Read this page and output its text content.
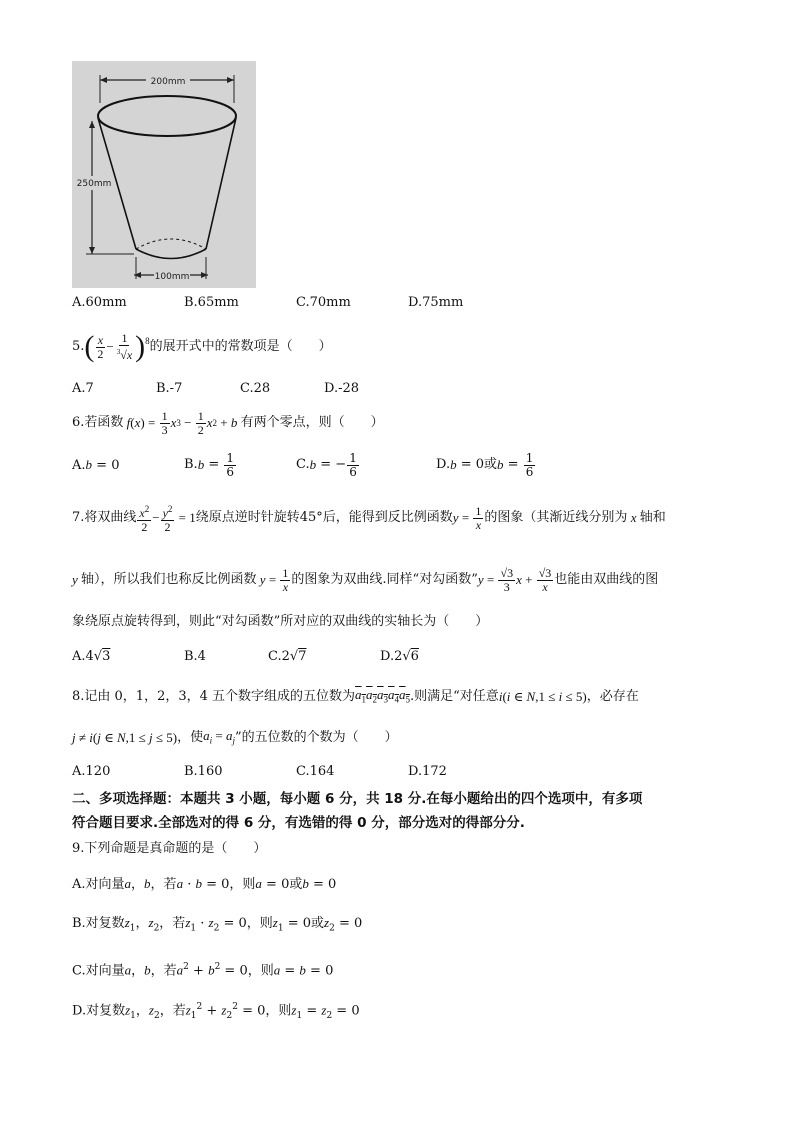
200mm
250mm
100mm
A.60mm	B.65mm	C.70mm	D.75mm
5. ( $\frac{x}{2} - \frac{1}{^3√x} )^8$ 的展开式中的常数项是（　　）
A.7	B.-7	C.28	D.-28
6.若函数 f ( x ) = $\frac{1}{3}$ x $3 - \frac{1}{2}$ x 2 + b 有两个零点，则（　　）
A.b = 0	B. $b = \frac{1}{6}$	C. b = − $\frac{1}{6}$	D. b = 0 或 $b = \frac{1}{6}$
7.将双曲线 $\frac{x^2}{2} - \frac{y^2}{2} = 1$ 绕原点逆时针旋转45°后，能得到反比例函数 $y = \frac{1}{x}$ 的图象（其渐近线分别为 x 轴和
y 轴），所以我们也称反比例函数 $y = \frac{1}{x}$ 的图象为双曲线.同样“对勾函数” $y = \frac{√3}{3}$ $x + \frac{√3}{x}$ 也能由双曲线的图
象绕原点旋转得到，则此“对勾函数”所对应的双曲线的实轴长为（　　）
A.4√3	B.4	C.2√7	D.2√6
8.记由 0，1，2，3，4 五个数字组成的五位数为 $a_1a_2a_3a_4a_5$ .则满足“对任意 i(i ∈ N,1 ≤ i ≤ 5) ，必存在
j ≠ i(j ∈ N,1 ≤ j ≤ 5) ，使 $a_i = a_j$ ”的五位数的个数为（　　）
A.120	B.160	C.164	D.172
二、多项选择题：本题共 3 小题，每小题 6 分，共 18 分.在每小题给出的四个选项中，有多项
符合题目要求.全部选对的得 6 分，有选错的得 0 分，部分选对的得部分分.
9.下列命题是真命题的是（　　）
A.对向量a，b，若a · b = 0，则a = 0或b = 0
B.对复数$z_1$，$z_2$，若$z_1 \cdot z_2 = 0$，则$z_1 = 0$或$z_2 = 0$
C.对向量a，b，若$a^2 + b^2 = 0$，则a = b = 0
D.对复数$z_1$，$z_2$，若$z_1^2 + z_2^2 = 0$，则$z_1 = z_2 = 0$
